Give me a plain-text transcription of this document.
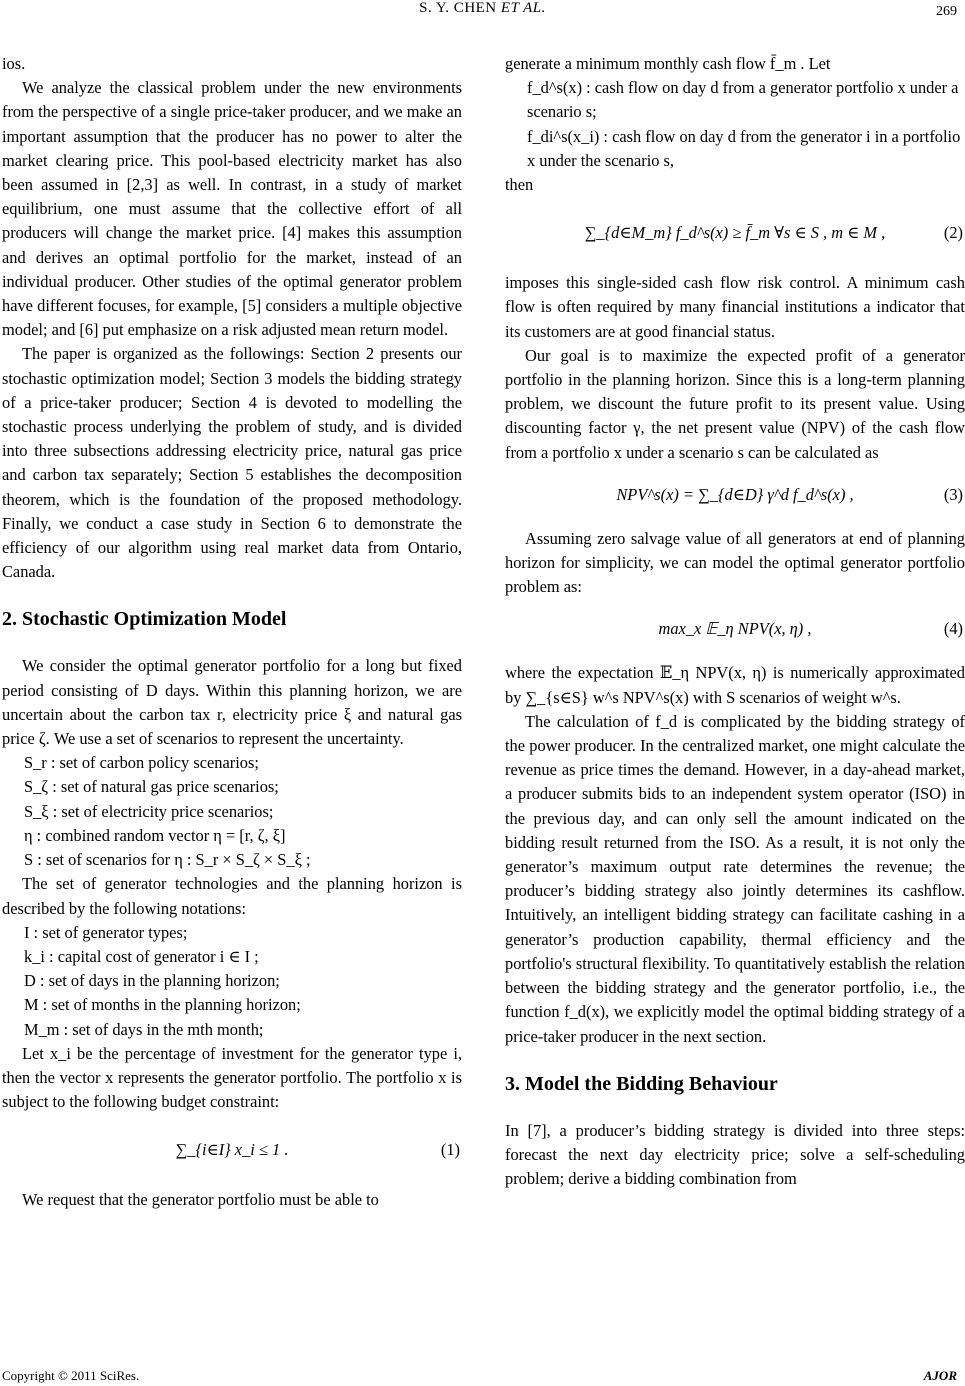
S. Y. CHEN ET AL.	269

ios.

We analyze the classical problem under the new environments from the perspective of a single price-taker producer, and we make an important assumption that the producer has no power to alter the market clearing price. This pool-based electricity market has also been assumed in [2,3] as well. In contrast, in a study of market equilibrium, one must assume that the collective effort of all producers will change the market price. [4] makes this assumption and derives an optimal portfolio for the market, instead of an individual producer. Other studies of the optimal generator problem have different focuses, for example, [5] considers a multiple objective model; and [6] put emphasize on a risk adjusted mean return model.

The paper is organized as the followings: Section 2 presents our stochastic optimization model; Section 3 models the bidding strategy of a price-taker producer; Section 4 is devoted to modelling the stochastic process underlying the problem of study, and is divided into three subsections addressing electricity price, natural gas price and carbon tax separately; Section 5 establishes the decomposition theorem, which is the foundation of the proposed methodology. Finally, we conduct a case study in Section 6 to demonstrate the efficiency of our algorithm using real market data from Ontario, Canada.

2. Stochastic Optimization Model

We consider the optimal generator portfolio for a long but fixed period consisting of D days. Within this planning horizon, we are uncertain about the carbon tax r, electricity price ξ and natural gas price ζ. We use a set of scenarios to represent the uncertainty.

S_r : set of carbon policy scenarios;

S_ζ : set of natural gas price scenarios;

S_ξ : set of electricity price scenarios;

η : combined random vector η = [r, ζ, ξ]

S : set of scenarios for η : S_r × S_ζ × S_ξ ;

The set of generator technologies and the planning horizon is described by the following notations:

I : set of generator types;

k_i : capital cost of generator i ∈ I ;

D : set of days in the planning horizon;

M : set of months in the planning horizon;

M_m : set of days in the mth month;

Let x_i be the percentage of investment for the generator type i, then the vector x represents the generator portfolio. The portfolio x is subject to the following budget constraint:

∑_{i∈I} x_i ≤ 1 .	(1)

We request that the generator portfolio must be able to

generate a minimum monthly cash flow f̄_m . Let

f_d^s(x) : cash flow on day d from a generator portfolio x under a scenario s;

f_di^s(x_i) : cash flow on day d from the generator i in a portfolio x under the scenario s,

then

∑_{d∈M_m} f_d^s(x) ≥ f̄_m ∀s ∈ S , m ∈ M ,	(2)

imposes this single-sided cash flow risk control. A minimum cash flow is often required by many financial institutions a indicator that its customers are at good financial status.

Our goal is to maximize the expected profit of a generator portfolio in the planning horizon. Since this is a long-term planning problem, we discount the future profit to its present value. Using discounting factor γ, the net present value (NPV) of the cash flow from a portfolio x under a scenario s can be calculated as

NPV^s(x) = ∑_{d∈D} γ^d f_d^s(x) ,	(3)

Assuming zero salvage value of all generators at end of planning horizon for simplicity, we can model the optimal generator portfolio problem as:

max_x 𝔼_η NPV(x, η) ,	(4)

where the expectation 𝔼_η NPV(x, η) is numerically approximated by ∑_{s∈S} w^s NPV^s(x) with S scenarios of weight w^s.

The calculation of f_d is complicated by the bidding strategy of the power producer. In the centralized market, one might calculate the revenue as price times the demand. However, in a day-ahead market, a producer submits bids to an independent system operator (ISO) in the previous day, and can only sell the amount indicated on the bidding result returned from the ISO. As a result, it is not only the generator’s maximum output rate determines the revenue; the producer’s bidding strategy also jointly determines its cashflow. Intuitively, an intelligent bidding strategy can facilitate cashing in a generator’s production capability, thermal efficiency and the portfolio's structural flexibility. To quantitatively establish the relation between the bidding strategy and the generator portfolio, i.e., the function f_d(x), we explicitly model the optimal bidding strategy of a price-taker producer in the next section.

3. Model the Bidding Behaviour

In [7], a producer’s bidding strategy is divided into three steps: forecast the next day electricity price; solve a self-scheduling problem; derive a bidding combination from

Copyright © 2011 SciRes.	AJOR
